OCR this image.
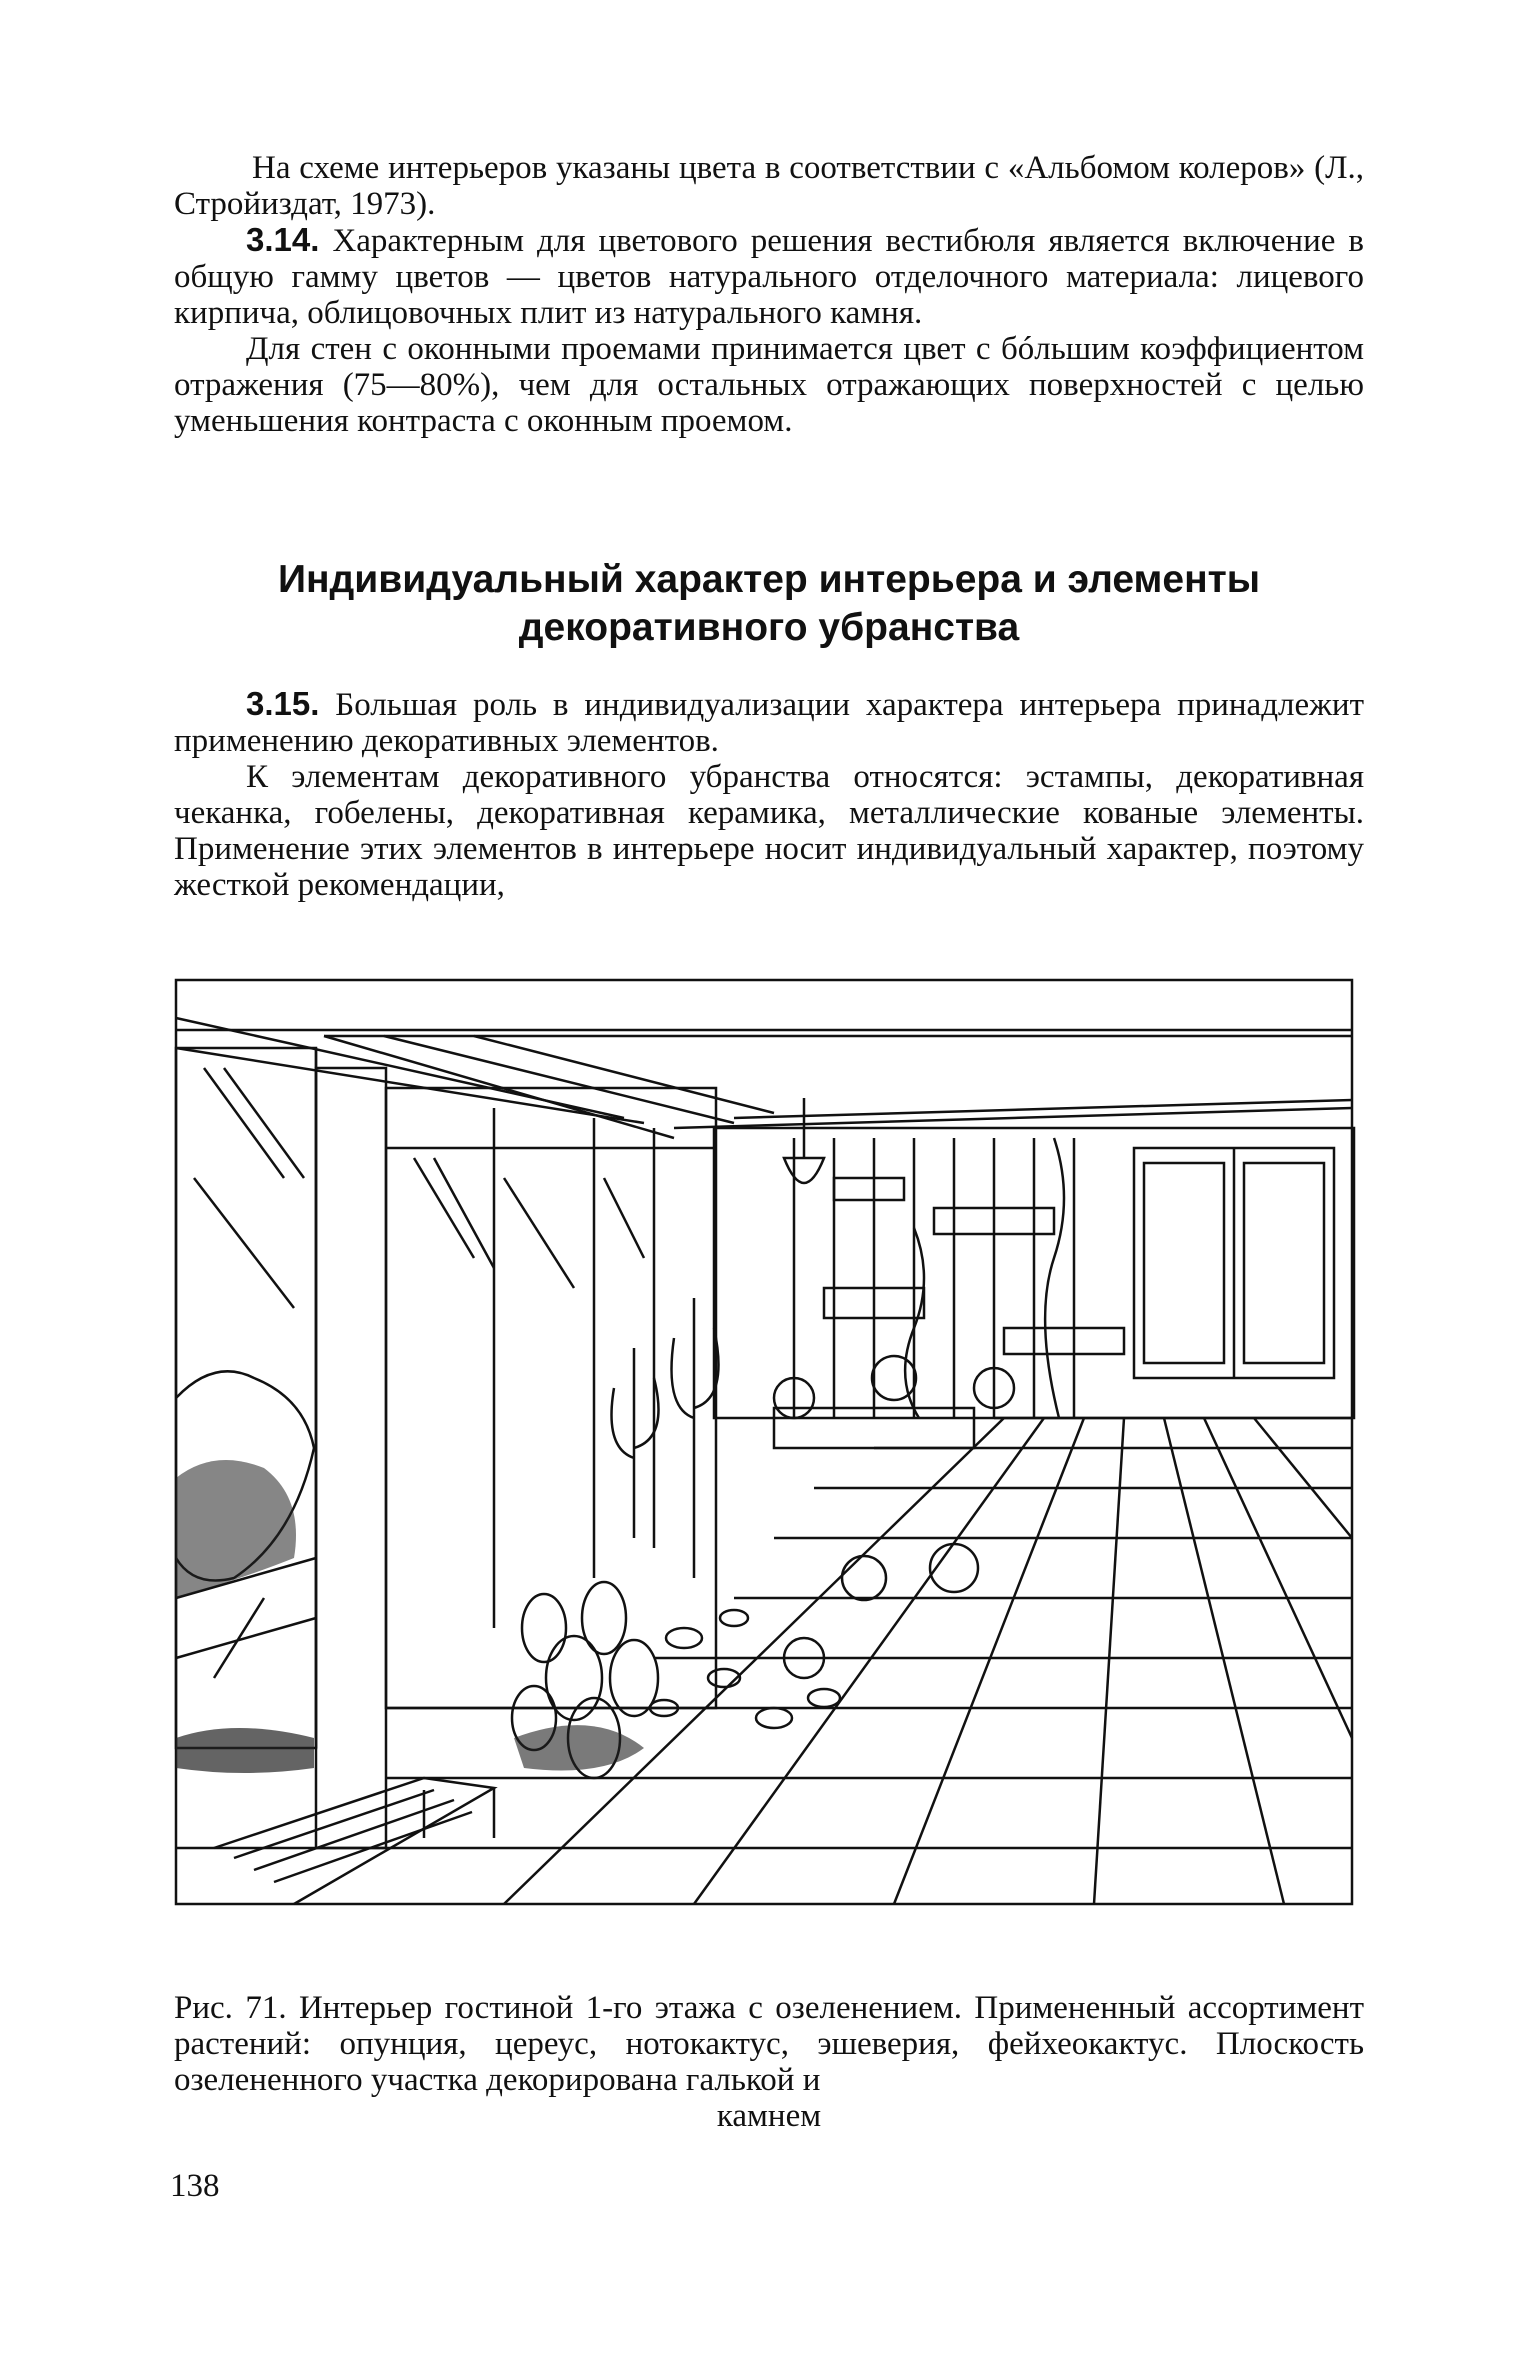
На схеме интерьеров указаны цвета в соответствии с «Альбомом колеров» (Л., Стройиздат, 1973).

3.14. Характерным для цветового решения вестибюля является включение в общую гамму цветов — цветов натурального отделочного материала: лицевого кирпича, облицовочных плит из натурального камня.

Для стен с оконными проемами принимается цвет с бóльшим коэффициентом отражения (75—80%), чем для остальных отражающих поверхностей с целью уменьшения контраста с оконным проемом.

Индивидуальный характер интерьера и элементы декоративного убранства

3.15. Большая роль в индивидуализации характера интерьера принадлежит применению декоративных элементов.

К элементам декоративного убранства относятся: эстампы, декоративная чеканка, гобелены, декоративная керамика, металлические кованые элементы. Применение этих элементов в интерьере носит индивидуальный характер, поэтому жесткой рекомендации,

Рис. 71. Интерьер гостиной 1-го этажа с озеленением. Примененный ассортимент растений: опунция, цереус, нотокактус, эшеверия, фейхеокактус. Плоскость озелененного участка декорирована галькой и

камнем

138
